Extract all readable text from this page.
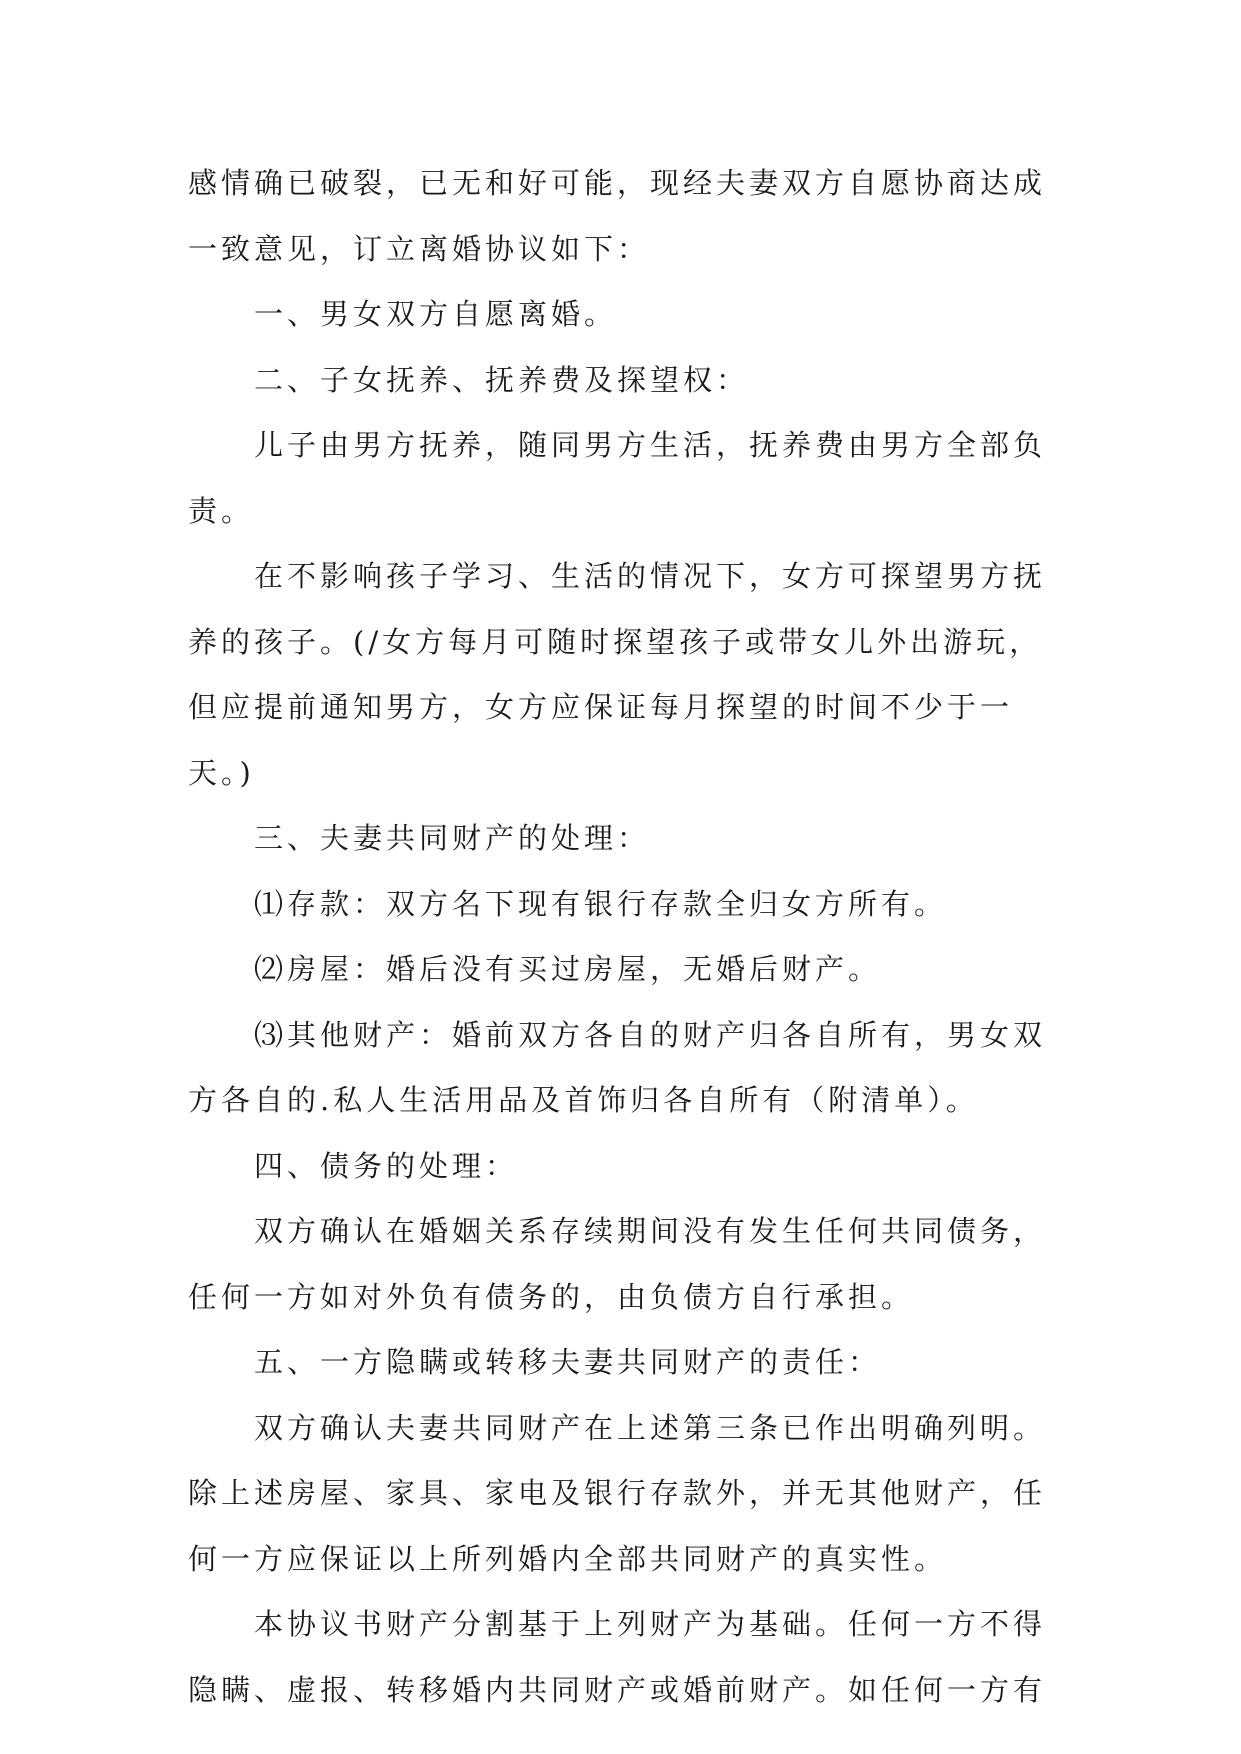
感情确已破裂，已无和好可能，现经夫妻双方自愿协商达成
一致意见，订立离婚协议如下：
一、男女双方自愿离婚。
二、子女抚养、抚养费及探望权：
儿子由男方抚养，随同男方生活，抚养费由男方全部负
责。
在不影响孩子学习、生活的情况下，女方可探望男方抚
养的孩子。(/女方每月可随时探望孩子或带女儿外出游玩，
但应提前通知男方，女方应保证每月探望的时间不少于一
天。)
三、夫妻共同财产的处理：
⑴存款：双方名下现有银行存款全归女方所有。
⑵房屋：婚后没有买过房屋，无婚后财产。
⑶其他财产：婚前双方各自的财产归各自所有，男女双
方各自的.私人生活用品及首饰归各自所有（附清单）。
四、债务的处理：
双方确认在婚姻关系存续期间没有发生任何共同债务，
任何一方如对外负有债务的，由负债方自行承担。
五、一方隐瞒或转移夫妻共同财产的责任：
双方确认夫妻共同财产在上述第三条已作出明确列明。
除上述房屋、家具、家电及银行存款外，并无其他财产，任
何一方应保证以上所列婚内全部共同财产的真实性。
本协议书财产分割基于上列财产为基础。任何一方不得
隐瞒、虚报、转移婚内共同财产或婚前财产。如任何一方有
